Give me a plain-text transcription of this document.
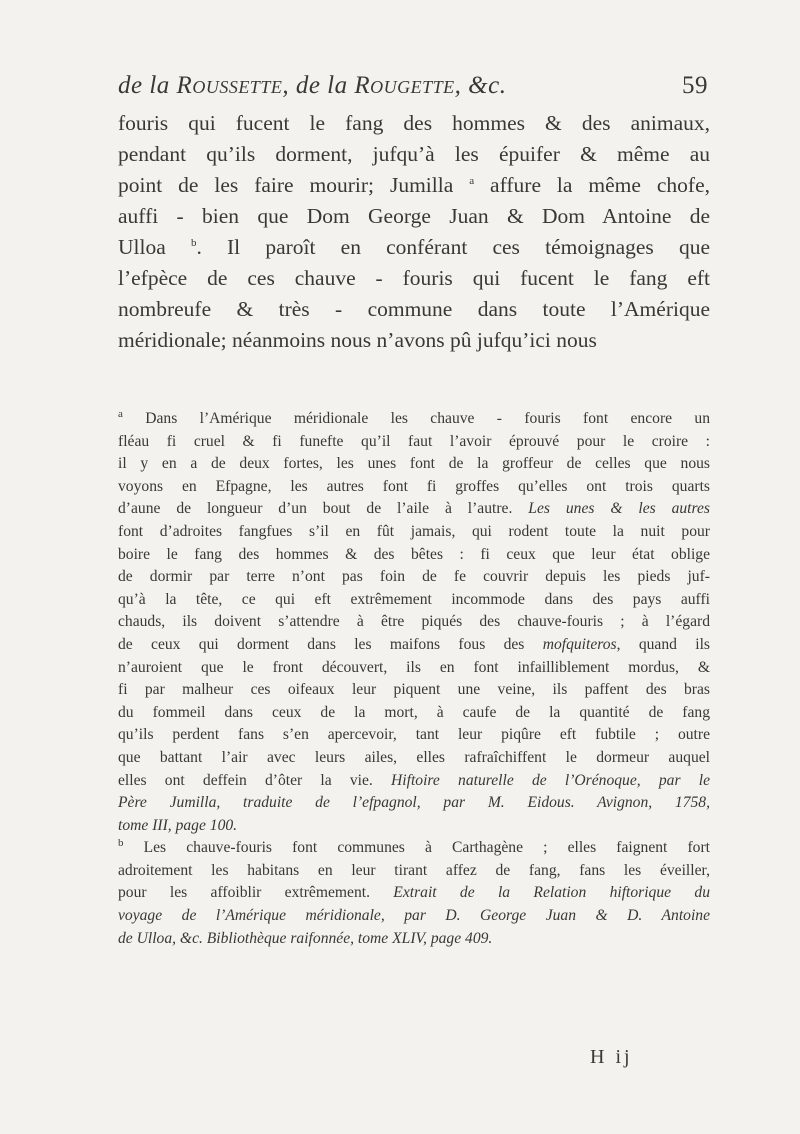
de la Rousse​tte, de la Rougette, &c.	59
fouris qui fucent le fang des hommes & des animaux,
pendant qu’ils dorment, jufqu’à les épuifer & même au
point de les faire mourir; Jumilla $^a$ affure la même chofe,
auffi - bien que Dom George Juan & Dom Antoine de
Ulloa $^b$. Il paroît en conférant ces témoignages que
l’efpèce de ces chauve - fouris qui fucent le fang eft
nombreufe & très - commune dans toute l’Amérique
méridionale; néanmoins nous n’avons pû jufqu’ici nous
$^a$ Dans l’Amérique méridionale les chauve - fouris font encore un
fléau fi cruel & fi funefte qu’il faut l’avoir éprouvé pour le croire :
il y en a de deux fortes, les unes font de la groffeur de celles que nous
voyons en Efpagne, les autres font fi groffes qu’elles ont trois quarts
d’aune de longueur d’un bout de l’aile à l’autre. Les unes & les autres
font d’adroites fangfues s’il en fût jamais, qui rodent toute la nuit pour
boire le fang des hommes & des bêtes : fi ceux que leur état oblige
de dormir par terre n’ont pas foin de fe couvrir depuis les pieds juf-
qu’à la tête, ce qui eft extrêmement incommode dans des pays auffi
chauds, ils doivent s’attendre à être piqués des chauve-fouris ; à l’égard
de ceux qui dorment dans les maifons fous des mofquiteros, quand ils
n’auroient que le front découvert, ils en font infailliblement mordus, &
fi par malheur ces oifeaux leur piquent une veine, ils paffent des bras
du fommeil dans ceux de la mort, à caufe de la quantité de fang
qu’ils perdent fans s’en apercevoir, tant leur piqûre eft fubtile ; outre
que battant l’air avec leurs ailes, elles rafraîchiffent le dormeur auquel
elles ont deffein d’ôter la vie. Hiftoire naturelle de l’Orénoque, par le
Père Jumilla, traduite de l’efpagnol, par M. Eidous. Avignon, 1758,
tome III, page 100.
$^b$ Les chauve-fouris font communes à Carthagène ; elles faignent fort
adroitement les habitans en leur tirant affez de fang, fans les éveiller,
pour les affoiblir extrêmement. Extrait de la Relation hiftorique du
voyage de l’Amérique méridionale, par D. George Juan & D. Antoine
de Ulloa, &c. Bibliothèque raifonnée, tome XLIV, page 409.
H ij
